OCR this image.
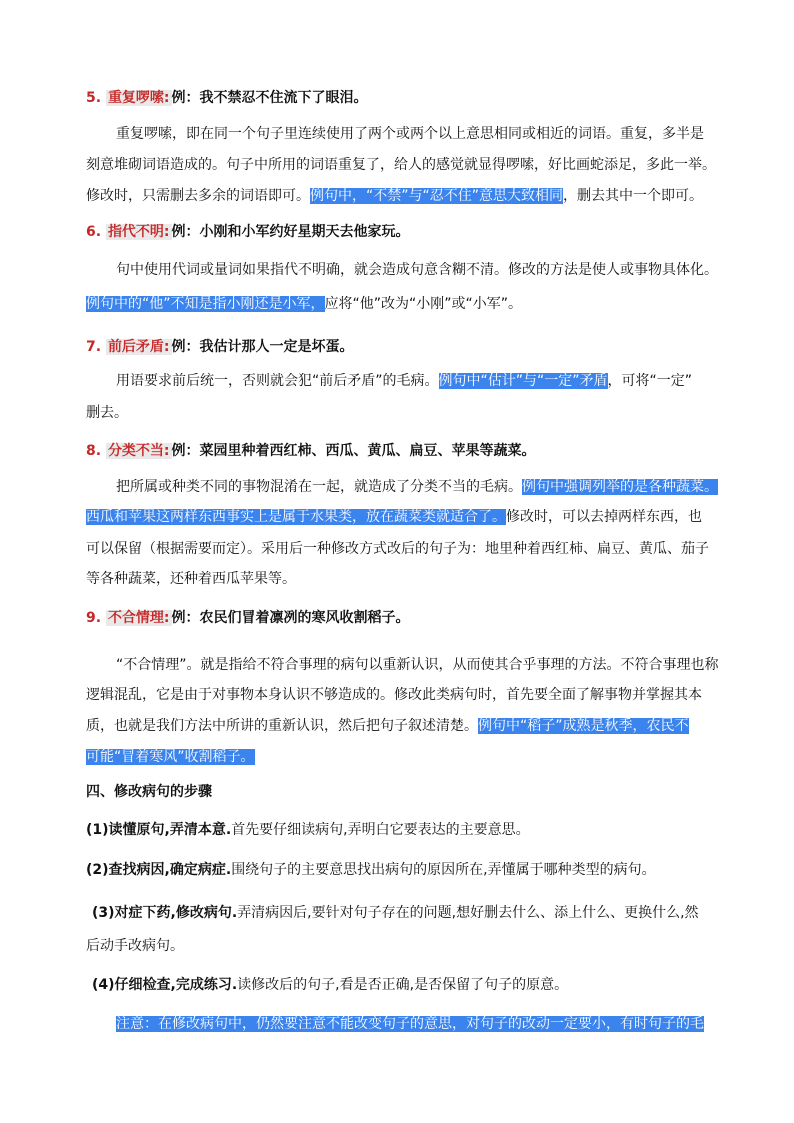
5. 重复啰嗦: 例：我不禁忍不住流下了眼泪。
重复啰嗦，即在同一个句子里连续使用了两个或两个以上意思相同或相近的词语。重复，多半是
刻意堆砌词语造成的。句子中所用的词语重复了，给人的感觉就显得啰嗦，好比画蛇添足，多此一举。
修改时，只需删去多余的词语即可。例句中，“不禁”与“忍不住”意思大致相同，删去其中一个即可。
6. 指代不明: 例：小刚和小军约好星期天去他家玩。
句中使用代词或量词如果指代不明确，就会造成句意含糊不清。修改的方法是使人或事物具体化。
例句中的“他”不知是指小刚还是小军，应将“他”改为“小刚”或“小军”。
7. 前后矛盾: 例：我估计那人一定是坏蛋。
用语要求前后统一，否则就会犯“前后矛盾”的毛病。例句中“估计”与“一定”矛盾，可将“一定”
删去。
8. 分类不当: 例：菜园里种着西红柿、西瓜、黄瓜、扁豆、苹果等蔬菜。
把所属或种类不同的事物混淆在一起，就造成了分类不当的毛病。例句中强调列举的是各种蔬菜。
西瓜和苹果这两样东西事实上是属于水果类，放在蔬菜类就适合了。修改时，可以去掉两样东西，也
可以保留（根据需要而定）。采用后一种修改方式改后的句子为：地里种着西红柿、扁豆、黄瓜、茄子
等各种蔬菜，还种着西瓜苹果等。
9. 不合情理: 例：农民们冒着凛冽的寒风收割稻子。
“不合情理”。就是指给不符合事理的病句以重新认识，从而使其合乎事理的方法。不符合事理也称
逻辑混乱，它是由于对事物本身认识不够造成的。修改此类病句时，首先要全面了解事物并掌握其本
质，也就是我们方法中所讲的重新认识，然后把句子叙述清楚。例句中“稻子”成熟是秋季，农民不
可能“冒着寒风”收割稻子。
四、修改病句的步骤
(1)读懂原句,弄清本意.首先要仔细读病句,弄明白它要表达的主要意思。
(2)查找病因,确定病症.围绕句子的主要意思找出病句的原因所在,弄懂属于哪种类型的病句。
(3)对症下药,修改病句.弄清病因后,要针对句子存在的问题,想好删去什么、添上什么、更换什么,然
后动手改病句。
(4)仔细检查,完成练习.读修改后的句子,看是否正确,是否保留了句子的原意。
注意：在修改病句中，仍然要注意不能改变句子的意思，对句子的改动一定要小，有时句子的毛
